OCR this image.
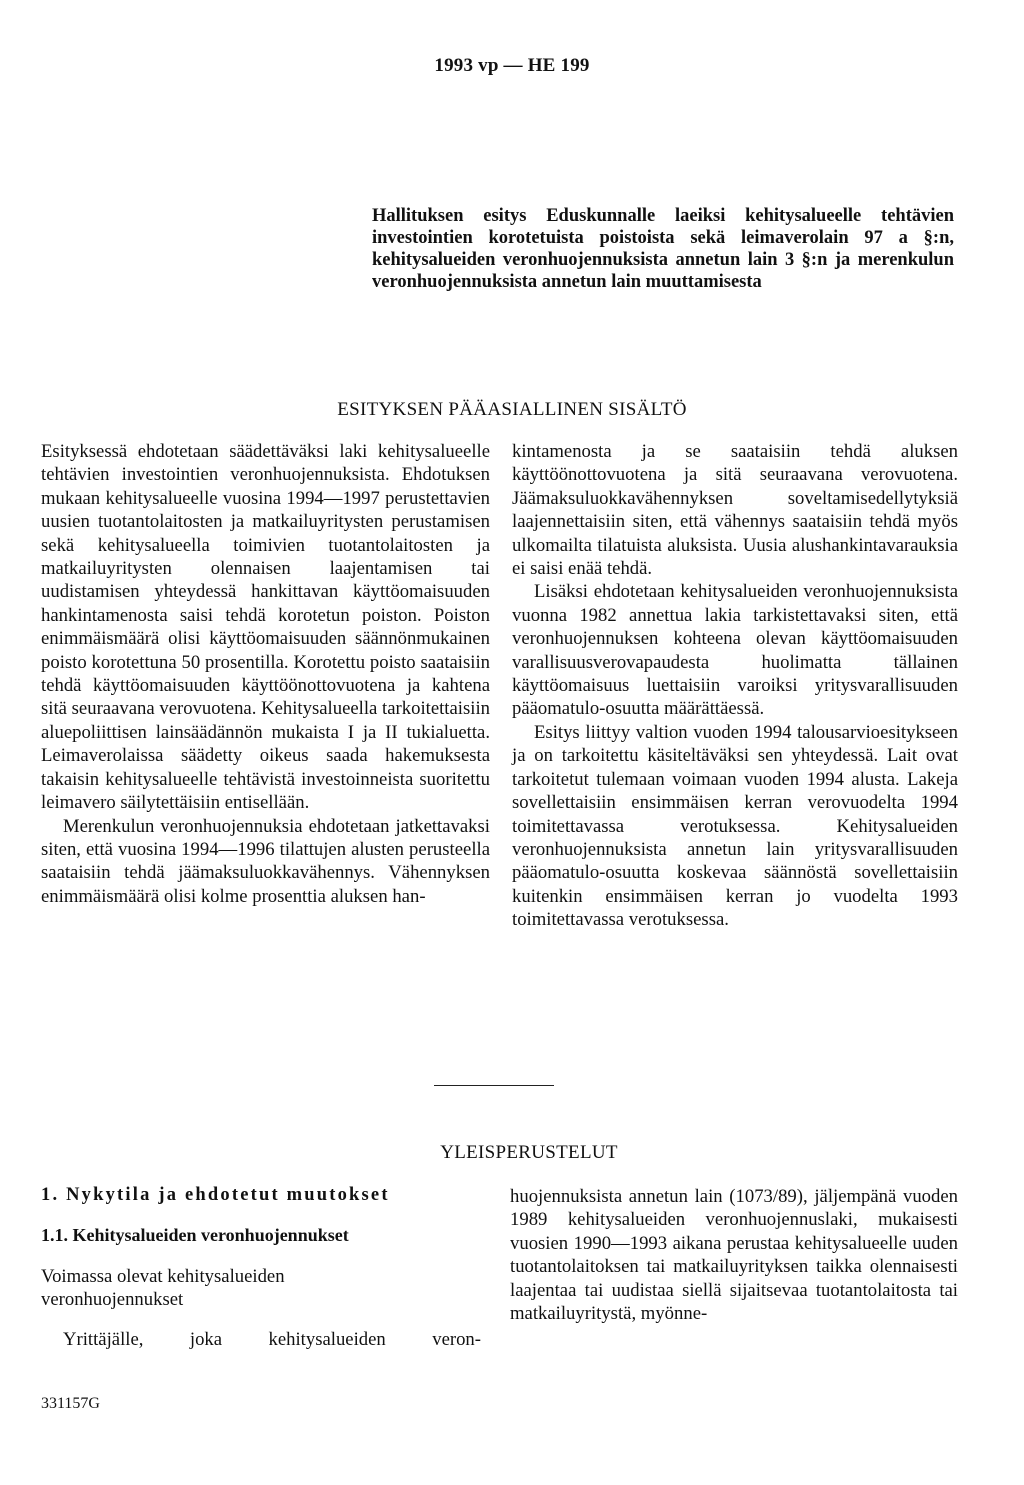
1993 vp — HE 199
Hallituksen esitys Eduskunnalle laeiksi kehitysalueelle tehtävien investointien korotetuista poistoista sekä leimaverolain 97 a §:n, kehitysalueiden veronhuojennuksista annetun lain 3 §:n ja merenkulun veronhuojennuksista annetun lain muuttamisesta
ESITYKSEN PÄÄASIALLINEN SISÄLTÖ

Esityksessä ehdotetaan säädettäväksi laki kehitysalueelle tehtävien investointien veronhuojennuksista. Ehdotuksen mukaan kehitysalueelle vuosina 1994—1997 perustettavien uusien tuotantolaitosten ja matkailuyritysten perustamisen sekä kehitysalueella toimivien tuotantolaitosten ja matkailuyritysten olennaisen laajentamisen tai uudistamisen yhteydessä hankittavan käyttöomaisuuden hankintamenosta saisi tehdä korotetun poiston. Poiston enimmäismäärä olisi käyttöomaisuuden säännönmukainen poisto korotettuna 50 prosentilla. Korotettu poisto saataisiin tehdä käyttöomaisuuden käyttöönottovuotena ja kahtena sitä seuraavana verovuotena. Kehitysalueella tarkoitettaisiin aluepoliittisen lainsäädännön mukaista I ja II tukialuetta. Leimaverolaissa säädetty oikeus saada hakemuksesta takaisin kehitysalueelle tehtävistä investoinneista suoritettu leimavero säilytettäisiin entisellään.

Merenkulun veronhuojennuksia ehdotetaan jatkettavaksi siten, että vuosina 1994—1996 tilattujen alusten perusteella saataisiin tehdä jäämaksuluokkavähennys. Vähennyksen enimmäismäärä olisi kolme prosenttia aluksen han-

kintamenosta ja se saataisiin tehdä aluksen käyttöönottovuotena ja sitä seuraavana verovuotena. Jäämaksuluokkavähennyksen soveltamisedellytyksiä laajennettaisiin siten, että vähennys saataisiin tehdä myös ulkomailta tilatuista aluksista. Uusia alushankintavarauksia ei saisi enää tehdä.

Lisäksi ehdotetaan kehitysalueiden veronhuojennuksista vuonna 1982 annettua lakia tarkistettavaksi siten, että veronhuojennuksen kohteena olevan käyttöomaisuuden varallisuusverovapaudesta huolimatta tällainen käyttöomaisuus luettaisiin varoiksi yritysvarallisuuden pääomatulo-osuutta määrättäessä.

Esitys liittyy valtion vuoden 1994 talousarvioesitykseen ja on tarkoitettu käsiteltäväksi sen yhteydessä. Lait ovat tarkoitetut tulemaan voimaan vuoden 1994 alusta. Lakeja sovellettaisiin ensimmäisen kerran verovuodelta 1994 toimitettavassa verotuksessa. Kehitysalueiden veronhuojennuksista annetun lain yritysvarallisuuden pääomatulo-osuutta koskevaa säännöstä sovellettaisiin kuitenkin ensimmäisen kerran jo vuodelta 1993 toimitettavassa verotuksessa.

YLEISPERUSTELUT
1. Nykytila ja ehdotetut muutokset
1.1. Kehitysalueiden veronhuojennukset
Voimassa olevat kehitysalueiden veronhuojennukset
Yrittäjälle, joka kehitysalueiden veron-

huojennuksista annetun lain (1073/89), jäljempänä vuoden 1989 kehitysalueiden veronhuojennuslaki, mukaisesti vuosien 1990—1993 aikana perustaa kehitysalueelle uuden tuotantolaitoksen tai matkailuyrityksen taikka olennaisesti laajentaa tai uudistaa siellä sijaitsevaa tuotantolaitosta tai matkailuyritystä, myönne-

331157G
